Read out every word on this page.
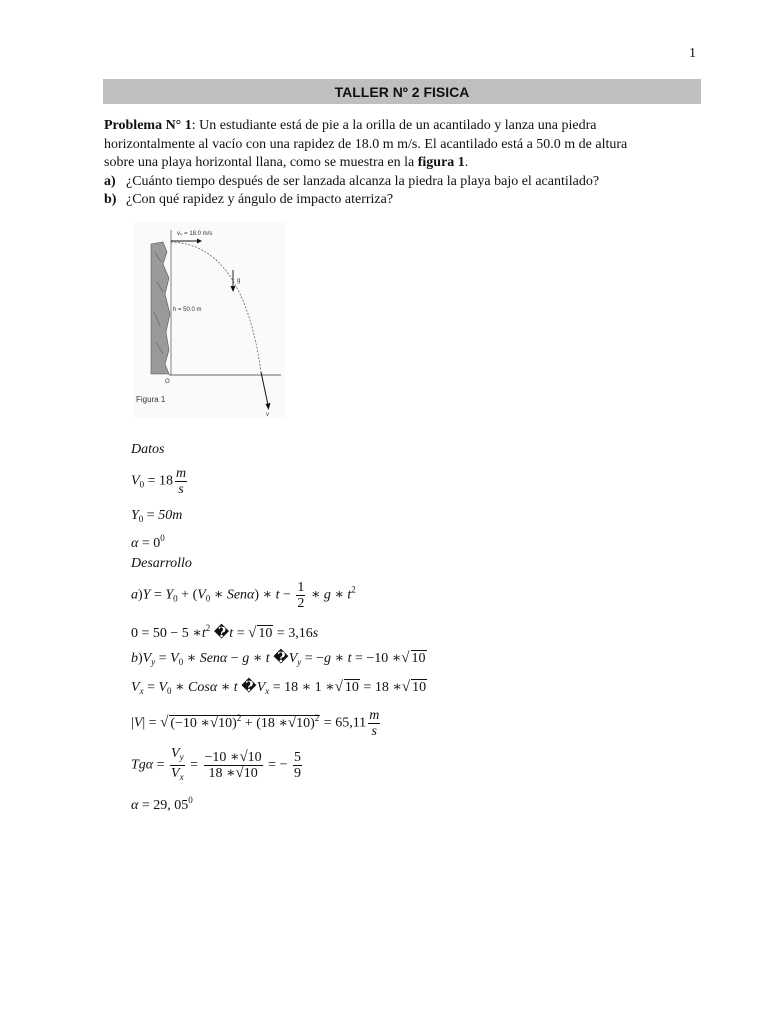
1
TALLER Nº 2 FISICA
Problema N° 1: Un estudiante está de pie a la orilla de un acantilado y lanza una piedra
horizontalmente al vacío con una rapidez de 18.0 m m/s. El acantilado está a 50.0 m de altura
sobre una playa horizontal llana, como se muestra en la figura 1.
a) ¿Cuánto tiempo después de ser lanzada alcanza la piedra la playa bajo el acantilado?
b) ¿Con qué rapidez y ángulo de impacto aterriza?
v₀ = 18.0 m/s
v
g
h = 50.0 m
O
Figura 1
Datos
$V_0 = 18 \frac{m}{s}$
$Y_0 = 50m$
$\alpha = 0^0$
Desarrollo
$a)Y = Y_0 + (V_0$ ∗ Senα) ∗ $t - \frac{1}{2}$ ∗ g ∗ $t^2$
0 = 50 − 5 $∗t^2$ �t = √ 10 = 3,16s
$b)V_y = V_0$ ∗ Senα − g ∗ t $�V_y = -g$ ∗ t = −10 ∗√ 10
$V_x = V_0$ ∗ Cosα ∗ t $�V_x = 18$ ∗ 1 ∗√ 10 = 18 ∗√ 10
|V| = √ (−10 ∗√10)$^2$ + (18 ∗√10)$^2$ = $65,11 \frac{m}{s}$
$Tg\alpha = \frac{V_y}{V_x} = \frac{-10 ∗√10}{18 ∗√10}$ = − $\frac{5}{9}$
α = 29, $05^0$
